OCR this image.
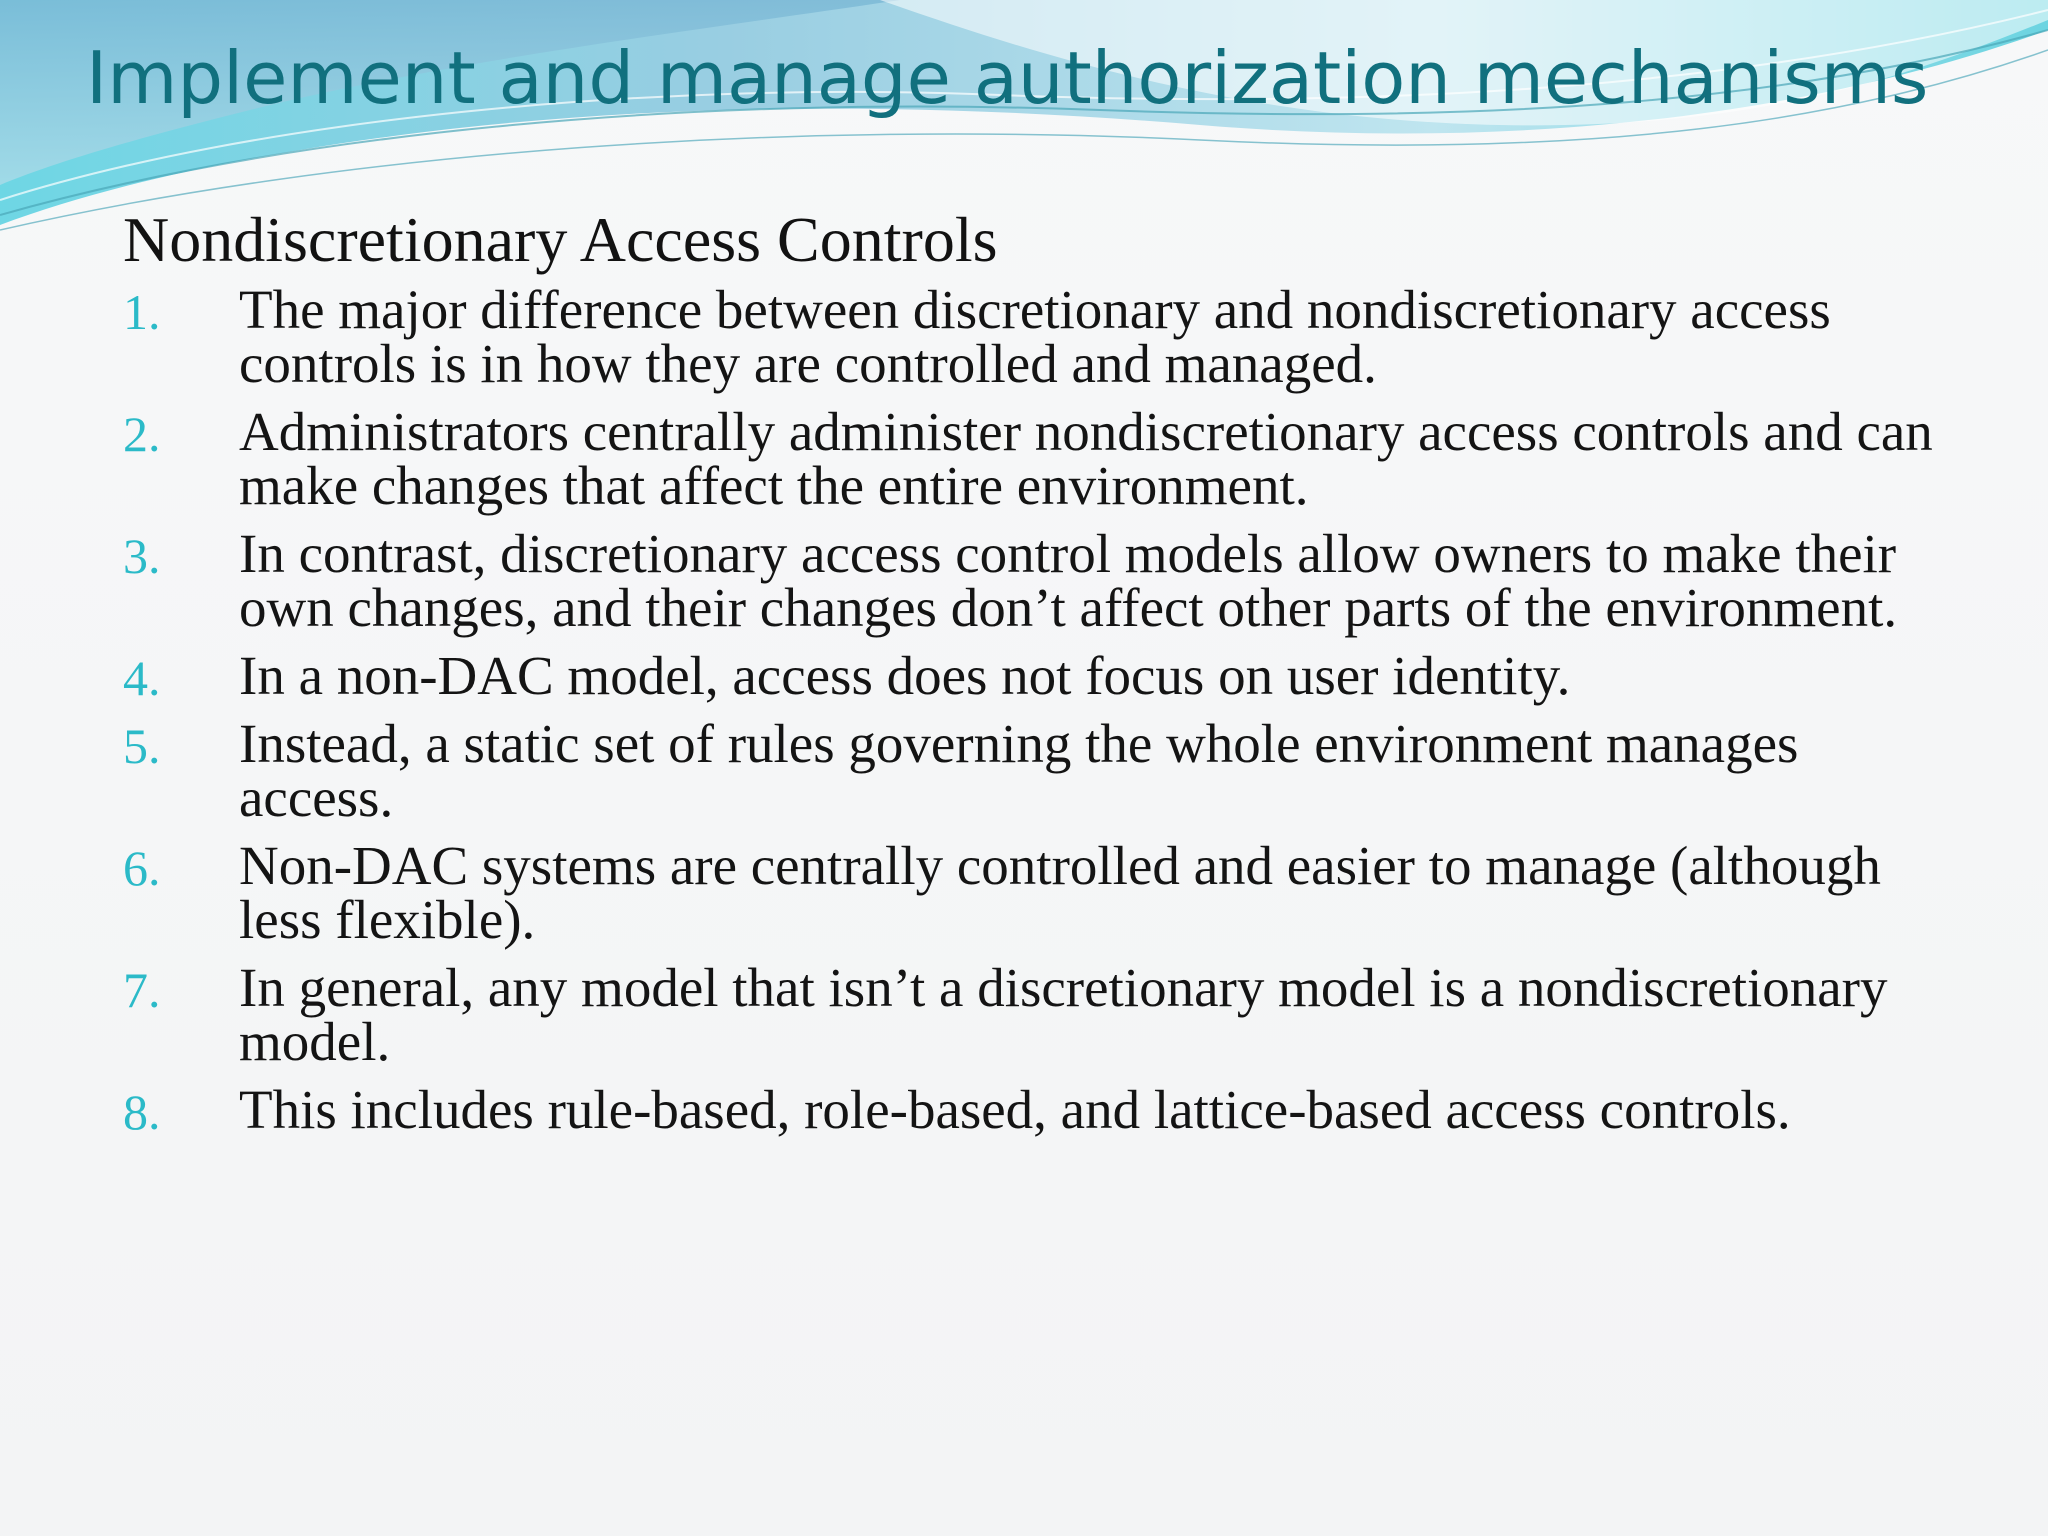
Implement and manage authorization mechanisms
Nondiscretionary Access Controls
1. The major difference between discretionary and nondiscretionary access controls is in how they are controlled and managed.
2. Administrators centrally administer nondiscretionary access controls and can make changes that affect the entire environment.
3. In contrast, discretionary access control models allow owners to make their own changes, and their changes don’t affect other parts of the environment.
4. In a non-DAC model, access does not focus on user identity.
5. Instead, a static set of rules governing the whole environment manages access.
6. Non-DAC systems are centrally controlled and easier to manage (although less flexible).
7. In general, any model that isn’t a discretionary model is a nondiscretionary model.
8. This includes rule-based, role-based, and lattice-based access controls.
